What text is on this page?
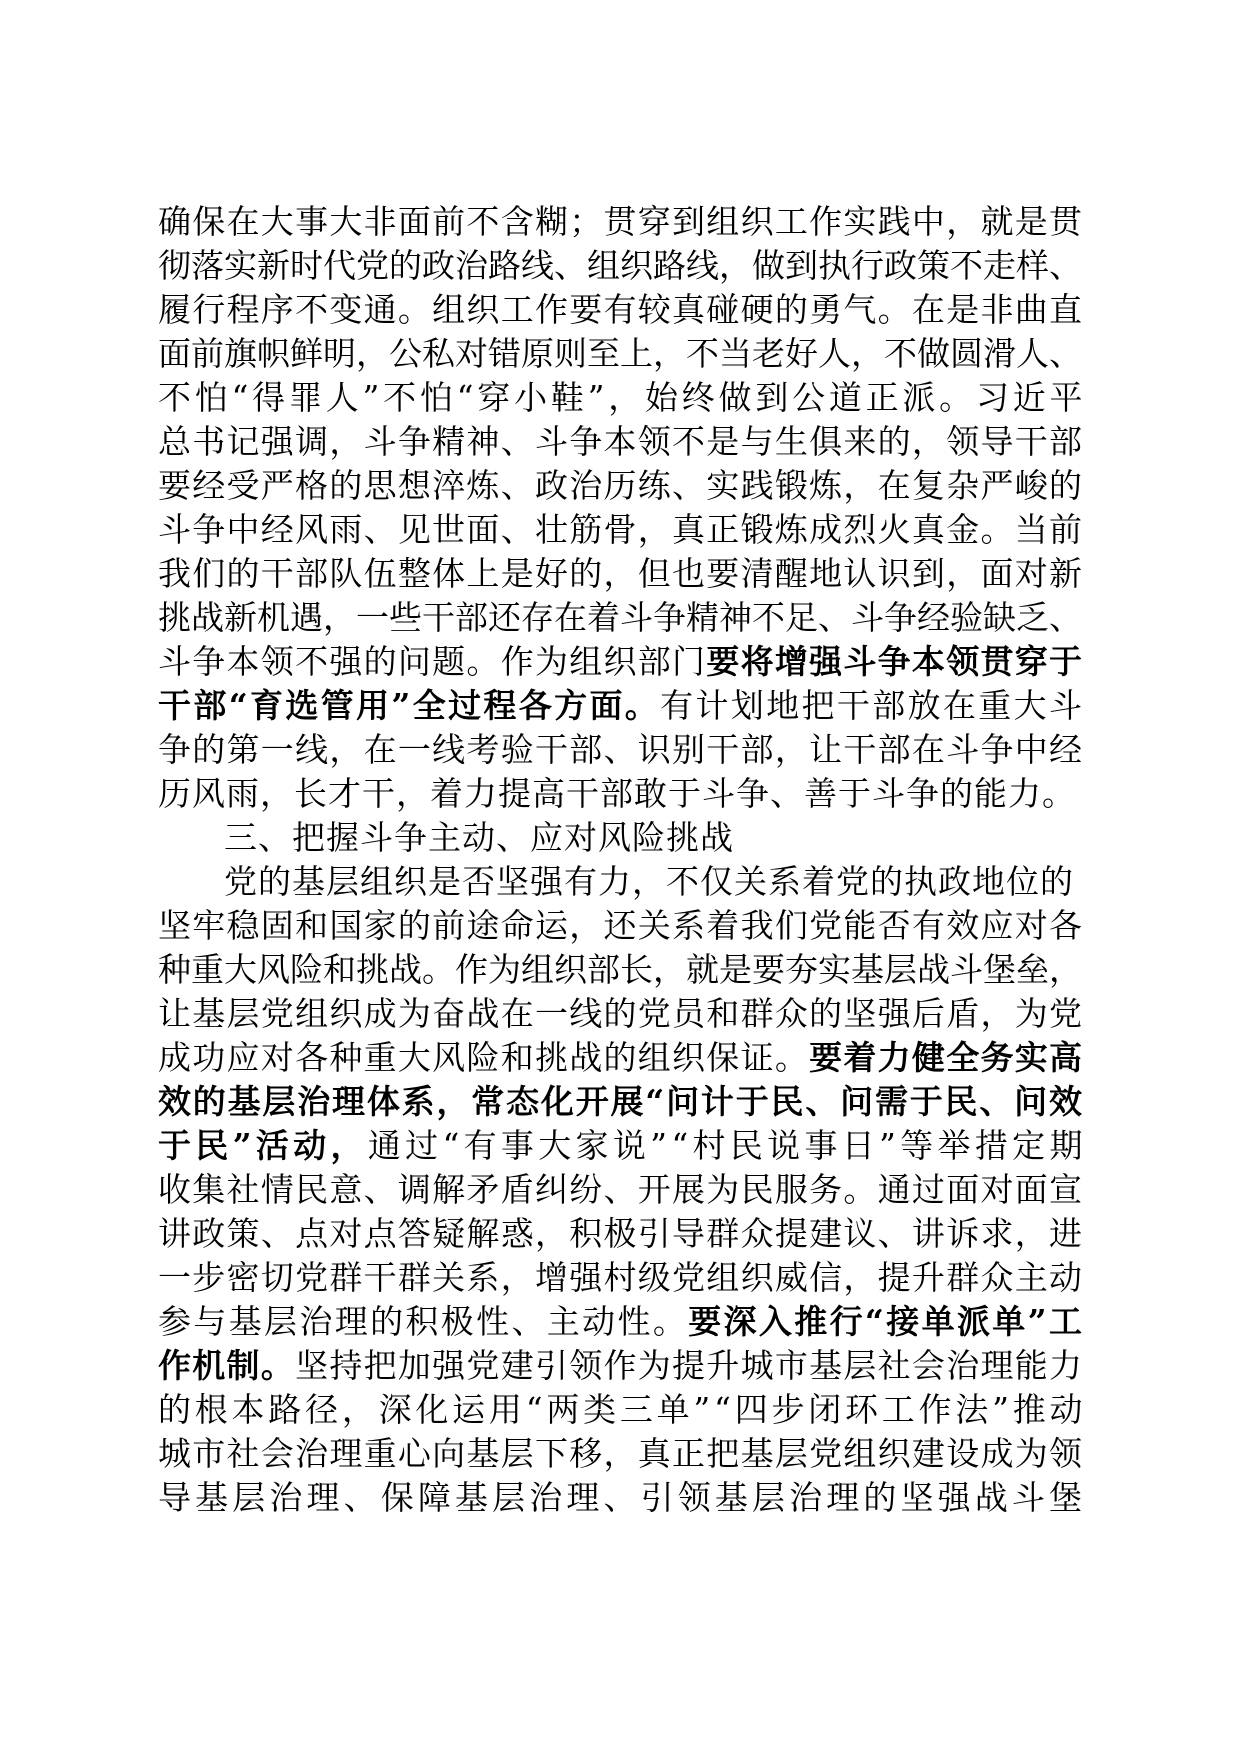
确保在大事大非面前不含糊；贯穿到组织工作实践中，就是贯
彻落实新时代党的政治路线、组织路线，做到执行政策不走样、
履行程序不变通。组织工作要有较真碰硬的勇气。在是非曲直
面前旗帜鲜明，公私对错原则至上，不当老好人，不做圆滑人、
不怕“得罪人”不怕“穿小鞋”，始终做到公道正派。习近平
总书记强调，斗争精神、斗争本领不是与生俱来的，领导干部
要经受严格的思想淬炼、政治历练、实践锻炼，在复杂严峻的
斗争中经风雨、见世面、壮筋骨，真正锻炼成烈火真金。当前
我们的干部队伍整体上是好的，但也要清醒地认识到，面对新
挑战新机遇，一些干部还存在着斗争精神不足、斗争经验缺乏、
斗争本领不强的问题。作为组织部门要将增强斗争本领贯穿于
干部“育选管用”全过程各方面。有计划地把干部放在重大斗
争的第一线，在一线考验干部、识别干部，让干部在斗争中经
历风雨，长才干，着力提高干部敢于斗争、善于斗争的能力。
三、把握斗争主动、应对风险挑战
党的基层组织是否坚强有力，不仅关系着党的执政地位的
坚牢稳固和国家的前途命运，还关系着我们党能否有效应对各
种重大风险和挑战。作为组织部长，就是要夯实基层战斗堡垒，
让基层党组织成为奋战在一线的党员和群众的坚强后盾，为党
成功应对各种重大风险和挑战的组织保证。要着力健全务实高
效的基层治理体系，常态化开展“问计于民、问需于民、问效
于民”活动，通过“有事大家说”“村民说事日”等举措定期
收集社情民意、调解矛盾纠纷、开展为民服务。通过面对面宣
讲政策、点对点答疑解惑，积极引导群众提建议、讲诉求，进
一步密切党群干群关系，增强村级党组织威信，提升群众主动
参与基层治理的积极性、主动性。要深入推行“接单派单”工
作机制。坚持把加强党建引领作为提升城市基层社会治理能力
的根本路径，深化运用“两类三单”“四步闭环工作法”推动
城市社会治理重心向基层下移，真正把基层党组织建设成为领
导基层治理、保障基层治理、引领基层治理的坚强战斗堡
